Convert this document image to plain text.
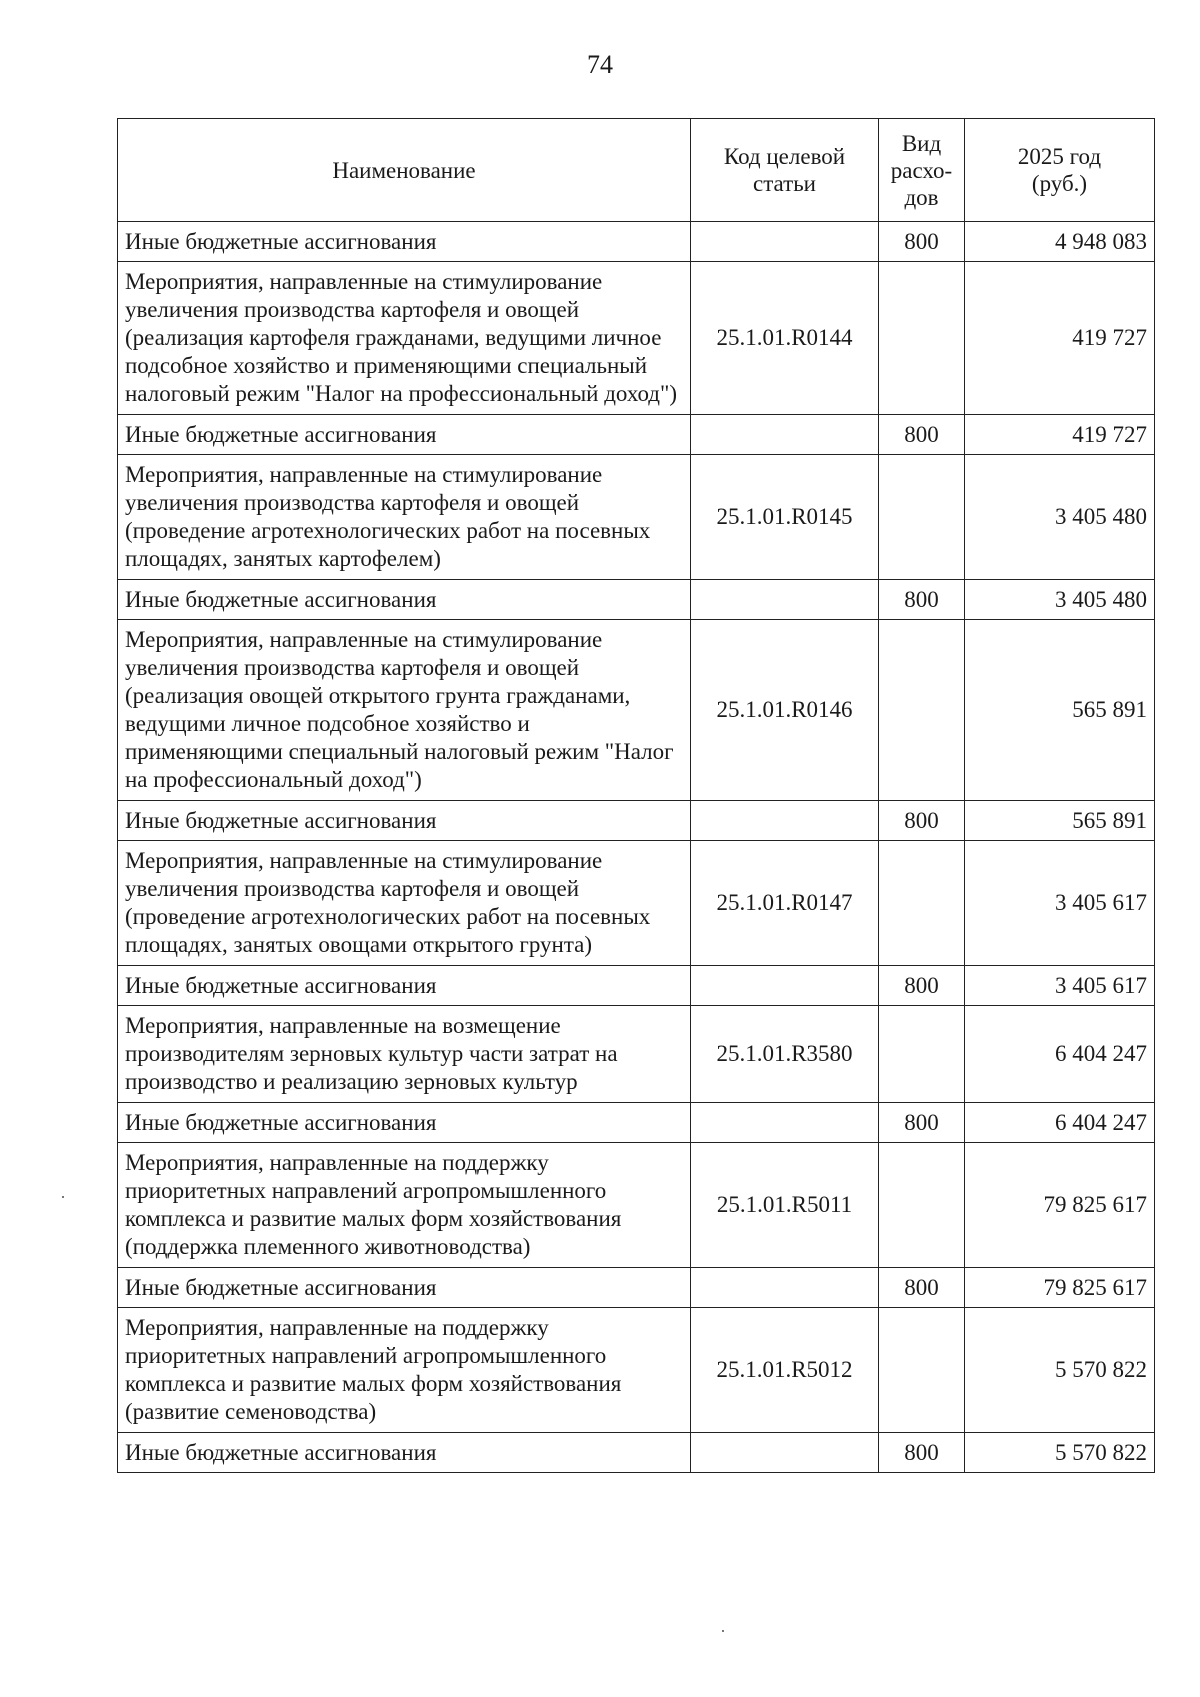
74
Наименование	Код целевой статьи	Вид расхо-дов	2025 год (руб.)
Иные бюджетные ассигнования		800	4 948 083
Мероприятия, направленные на стимулирование увеличения производства картофеля и овощей (реализация картофеля гражданами, ведущими личное подсобное хозяйство и применяющими специальный налоговый режим "Налог на профессиональный доход")	25.1.01.R0144		419 727
Иные бюджетные ассигнования		800	419 727
Мероприятия, направленные на стимулирование увеличения производства картофеля и овощей (проведение агротехнологических работ на посевных площадях, занятых картофелем)	25.1.01.R0145		3 405 480
Иные бюджетные ассигнования		800	3 405 480
Мероприятия, направленные на стимулирование увеличения производства картофеля и овощей (реализация овощей открытого грунта гражданами, ведущими личное подсобное хозяйство и применяющими специальный налоговый режим "Налог на профессиональный доход")	25.1.01.R0146		565 891
Иные бюджетные ассигнования		800	565 891
Мероприятия, направленные на стимулирование увеличения производства картофеля и овощей (проведение агротехнологических работ на посевных площадях, занятых овощами открытого грунта)	25.1.01.R0147		3 405 617
Иные бюджетные ассигнования		800	3 405 617
Мероприятия, направленные на возмещение производителям зерновых культур части затрат на производство и реализацию зерновых культур	25.1.01.R3580		6 404 247
Иные бюджетные ассигнования		800	6 404 247
Мероприятия, направленные на поддержку приоритетных направлений агропромышленного комплекса и развитие малых форм хозяйствования (поддержка племенного животноводства)	25.1.01.R5011		79 825 617
Иные бюджетные ассигнования		800	79 825 617
Мероприятия, направленные на поддержку приоритетных направлений агропромышленного комплекса и развитие малых форм хозяйствования (развитие семеноводства)	25.1.01.R5012		5 570 822
Иные бюджетные ассигнования		800	5 570 822
